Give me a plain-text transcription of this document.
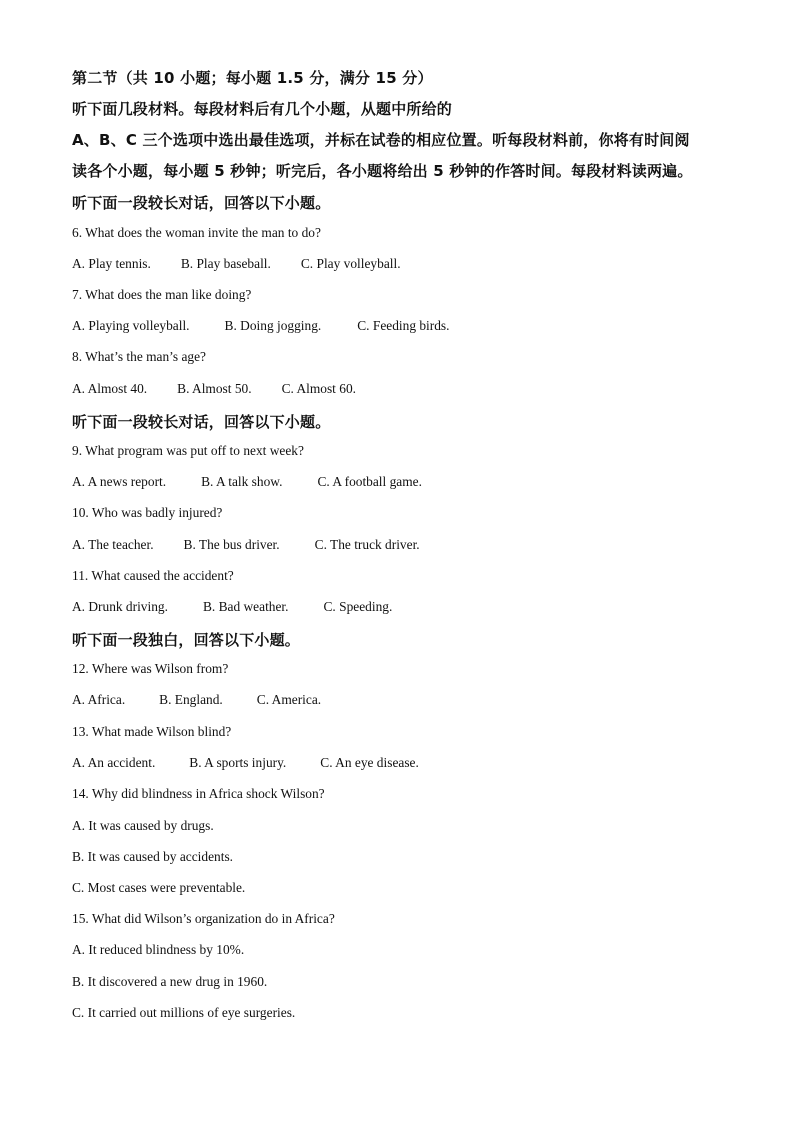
第二节（共 10 小题；每小题 1.5 分，满分 15 分）
听下面几段材料。每段材料后有几个小题，从题中所给的
A、B、C 三个选项中选出最佳选项，并标在试卷的相应位置。听每段材料前，你将有时间阅
读各个小题，每小题 5 秒钟；听完后，各小题将给出 5 秒钟的作答时间。每段材料读两遍。
听下面一段较长对话，回答以下小题。
6. What does the woman invite the man to do?
A. Play tennis. B. Play baseball. C. Play volleyball.
7. What does the man like doing?
A. Playing volleyball.	B. Doing jogging.	C. Feeding birds.
8. What’s the man’s age?
A. Almost 40. B. Almost 50. C. Almost 60.
听下面一段较长对话，回答以下小题。
9. What program was put off to next week?
A. A news report.	B. A talk show.	C. A football game.
10. Who was badly injured?
A. The teacher. B. The bus driver.	C. The truck driver.
11. What caused the accident?
A. Drunk driving.	B. Bad weather.	C. Speeding.
听下面一段独白，回答以下小题。
12. Where was Wilson from?
A. Africa.	B. England.	C. America.
13. What made Wilson blind?
A. An accident.	B. A sports injury.	C. An eye disease.
14. Why did blindness in Africa shock Wilson?
A. It was caused by drugs.
B. It was caused by accidents.
C. Most cases were preventable.
15. What did Wilson’s organization do in Africa?
A. It reduced blindness by 10%.
B. It discovered a new drug in 1960.
C. It carried out millions of eye surgeries.
